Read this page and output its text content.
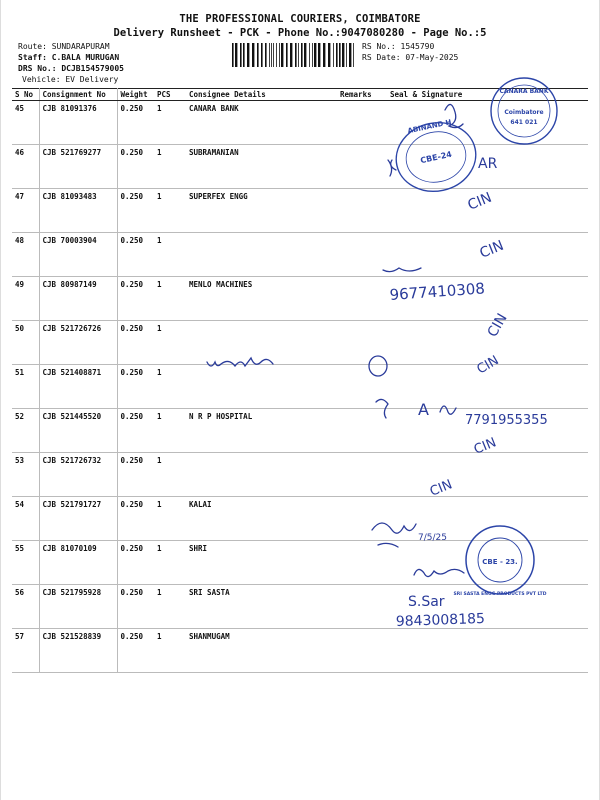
THE PROFESSIONAL COURIERS, COIMBATORE
Delivery Runsheet - PCK - Phone No.:9047080280 - Page No.:5
Route: SUNDARAPURAM
Staff: C.BALA MURUGAN
DRS No.: DCJB154579005
Vehicle: EV Delivery
RS No.: 1545790
RS Date: 07-May-2025
S No	Consignment No	Weight	PCS	Consignee Details	Remarks	Seal & Signature
45	CJB 81091376	0.250	1	CANARA BANK		
46	CJB 521769277	0.250	1	SUBRAMANIAN		
47	CJB 81093483	0.250	1	SUPERFEX ENGG		
48	CJB 70003904	0.250	1			
49	CJB 80987149	0.250	1	MENLO MACHINES		
50	CJB 521726726	0.250	1			
51	CJB 521408871	0.250	1			
52	CJB 521445520	0.250	1	N R P HOSPITAL		
53	CJB 521726732	0.250	1			
54	CJB 521791727	0.250	1	KALAI		
55	CJB 81070109	0.250	1	SHRI		
56	CJB 521795928	0.250	1	SRI SASTA		
57	CJB 521528839	0.250	1	SHANMUGAM		
CANARA BANK
Coimbatore
641 021
ABINAND H
CBE-24
CBE - 23.
SRI SASTA ENGG PRODUCTS PVT LTD
AR
A
9677410308
7791955355
9843008185
S.Sar
7/5/25
CIN
CIN
CIN
CIN
CIN
CIN
